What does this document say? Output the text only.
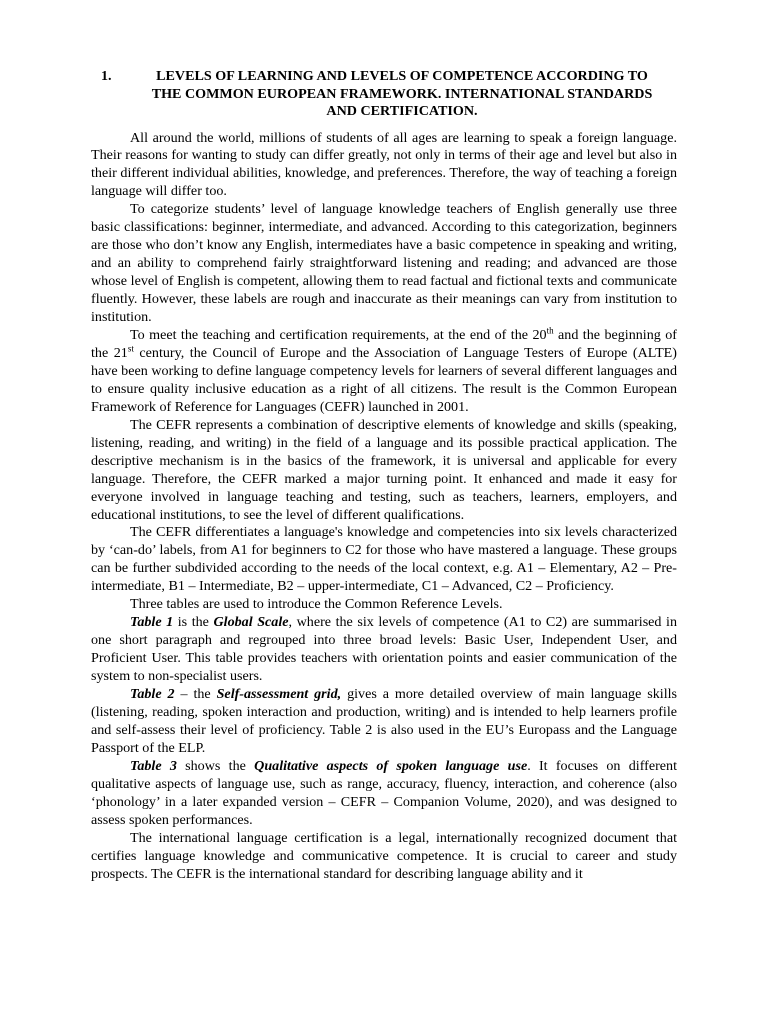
1.	LEVELS OF LEARNING AND LEVELS OF COMPETENCE ACCORDING TO
THE COMMON EUROPEAN FRAMEWORK. INTERNATIONAL STANDARDS
AND CERTIFICATION.

All around the world, millions of students of all ages are learning to speak a foreign language. Their reasons for wanting to study can differ greatly, not only in terms of their age and level but also in their different individual abilities, knowledge, and preferences. Therefore, the way of teaching a foreign language will differ too.

To categorize students’ level of language knowledge teachers of English generally use three basic classifications: beginner, intermediate, and advanced. According to this categorization, beginners are those who don’t know any English, intermediates have a basic competence in speaking and writing, and an ability to comprehend fairly straightforward listening and reading; and advanced are those whose level of English is competent, allowing them to read factual and fictional texts and communicate fluently. However, these labels are rough and inaccurate as their meanings can vary from institution to institution.

To meet the teaching and certification requirements, at the end of the 20th and the beginning of the 21st century, the Council of Europe and the Association of Language Testers of Europe (ALTE) have been working to define language competency levels for learners of several different languages and to ensure quality inclusive education as a right of all citizens. The result is the Common European Framework of Reference for Languages (CEFR) launched in 2001.

The CEFR represents a combination of descriptive elements of knowledge and skills (speaking, listening, reading, and writing) in the field of a language and its possible practical application. The descriptive mechanism is in the basics of the framework, it is universal and applicable for every language. Therefore, the CEFR marked a major turning point. It enhanced and made it easy for everyone involved in language teaching and testing, such as teachers, learners, employers, and educational institutions, to see the level of different qualifications.

The CEFR differentiates a language's knowledge and competencies into six levels characterized by ‘can-do’ labels, from A1 for beginners to C2 for those who have mastered a language. These groups can be further subdivided according to the needs of the local context, e.g. A1 – Elementary, A2 – Pre-intermediate, B1 – Intermediate, B2 – upper-intermediate, C1 – Advanced, C2 – Proficiency.

Three tables are used to introduce the Common Reference Levels.

Table 1 is the Global Scale, where the six levels of competence (A1 to C2) are summarised in one short paragraph and regrouped into three broad levels: Basic User, Independent User, and Proficient User. This table provides teachers with orientation points and easier communication of the system to non-specialist users.

Table 2 – the Self-assessment grid, gives a more detailed overview of main language skills (listening, reading, spoken interaction and production, writing) and is intended to help learners profile and self-assess their level of proficiency. Table 2 is also used in the EU’s Europass and the Language Passport of the ELP.

Table 3 shows the Qualitative aspects of spoken language use. It focuses on different qualitative aspects of language use, such as range, accuracy, fluency, interaction, and coherence (also ‘phonology’ in a later expanded version – CEFR – Companion Volume, 2020), and was designed to assess spoken performances.

The international language certification is a legal, internationally recognized document that certifies language knowledge and communicative competence. It is crucial to career and study prospects. The CEFR is the international standard for describing language ability and it
